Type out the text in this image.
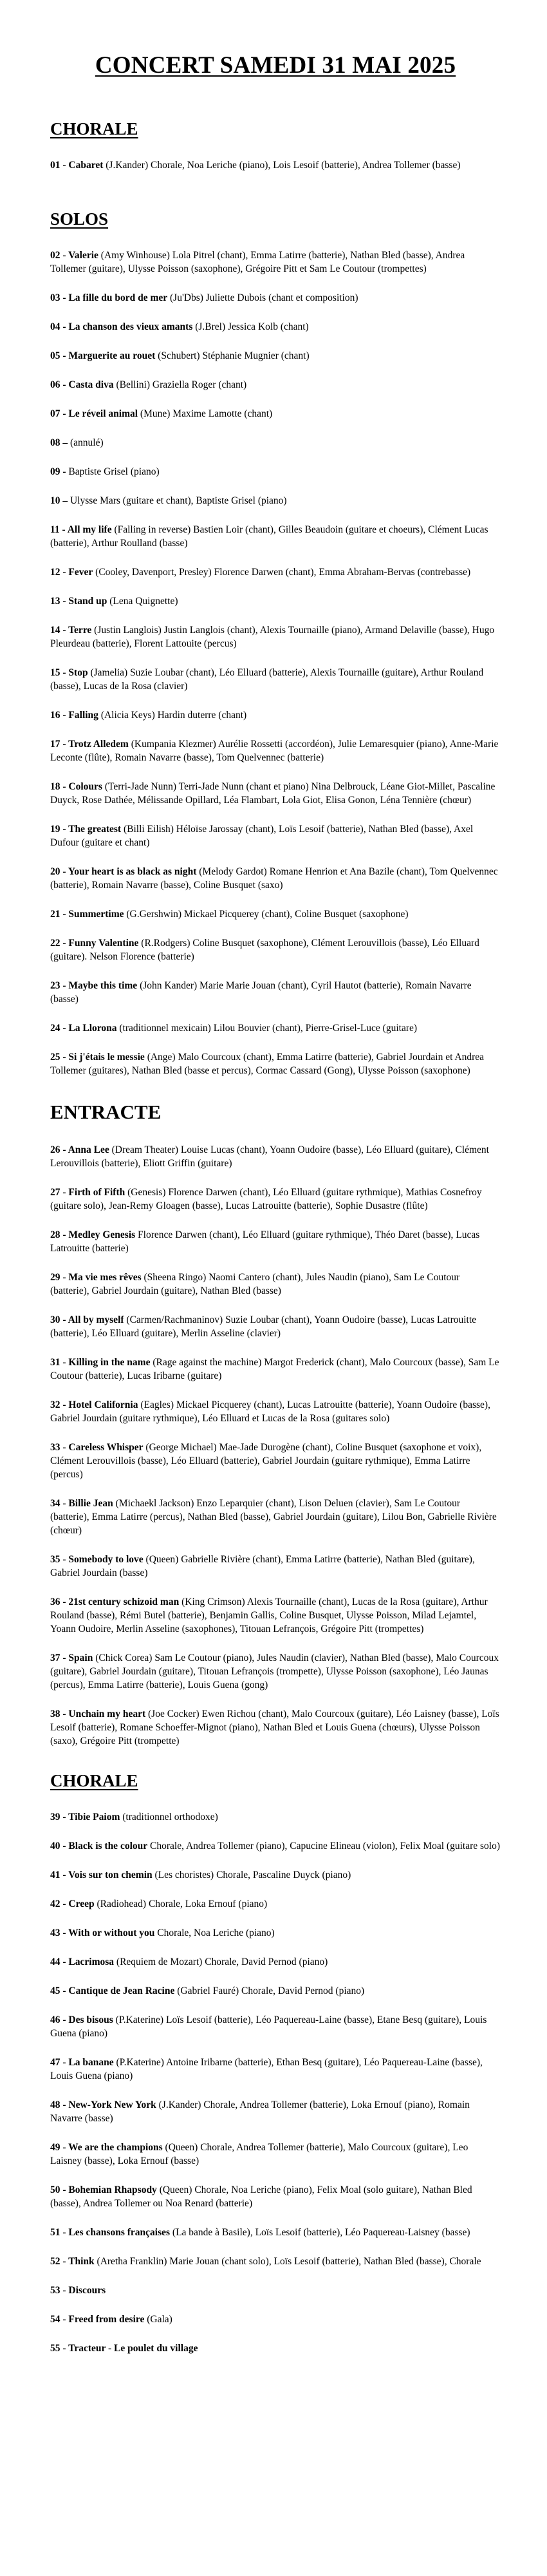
CONCERT SAMEDI 31 MAI 2025
CHORALE

01 - Cabaret (J.Kander) Chorale, Noa Leriche (piano), Lois Lesoif (batterie), Andrea Tollemer (basse)

SOLOS

02 - Valerie (Amy Winhouse) Lola Pitrel (chant), Emma Latirre (batterie), Nathan Bled (basse), Andrea Tollemer (guitare), Ulysse Poisson (saxophone), Grégoire Pitt et Sam Le Coutour (trompettes)

03 - La fille du bord de mer (Ju'Dbs) Juliette Dubois (chant et composition)

04 - La chanson des vieux amants (J.Brel) Jessica Kolb (chant)

05 - Marguerite au rouet (Schubert) Stéphanie Mugnier (chant)

06 - Casta diva (Bellini) Graziella Roger (chant)

07 - Le réveil animal (Mune) Maxime Lamotte (chant)

08 – (annulé)

09 - Baptiste Grisel (piano)

10 – Ulysse Mars (guitare et chant), Baptiste Grisel (piano)

11 - All my life (Falling in reverse) Bastien Loir (chant), Gilles Beaudoin (guitare et choeurs), Clément Lucas (batterie), Arthur Roulland (basse)

12 - Fever (Cooley, Davenport, Presley) Florence Darwen (chant), Emma Abraham-Bervas (contrebasse)

13 - Stand up (Lena Quignette)

14 - Terre (Justin Langlois) Justin Langlois (chant), Alexis Tournaille (piano), Armand Delaville (basse), Hugo Pleurdeau (batterie), Florent Lattouite (percus)

15 - Stop (Jamelia) Suzie Loubar (chant), Léo Elluard (batterie), Alexis Tournaille (guitare), Arthur Rouland (basse), Lucas de la Rosa (clavier)

16 - Falling (Alicia Keys) Hardin duterre (chant)

17 - Trotz Alledem (Kumpania Klezmer) Aurélie Rossetti (accordéon), Julie Lemaresquier (piano), Anne-Marie Leconte (flûte), Romain Navarre (basse), Tom Quelvennec (batterie)

18 - Colours (Terri-Jade Nunn) Terri-Jade Nunn (chant et piano) Nina Delbrouck, Léane Giot-Millet, Pascaline Duyck, Rose Dathée, Mélissande Opillard, Léa Flambart, Lola Giot, Elisa Gonon, Léna Tennière (chœur)

19 - The greatest (Billi Eilish) Héloïse Jarossay (chant), Loïs Lesoif (batterie), Nathan Bled (basse), Axel Dufour (guitare et chant)

20 - Your heart is as black as night (Melody Gardot) Romane Henrion et Ana Bazile (chant), Tom Quelvennec (batterie), Romain Navarre (basse), Coline Busquet (saxo)

21 - Summertime (G.Gershwin) Mickael Picquerey (chant), Coline Busquet (saxophone)

22 - Funny Valentine (R.Rodgers) Coline Busquet (saxophone), Clément Lerouvillois (basse), Léo Elluard (guitare). Nelson Florence (batterie)

23 - Maybe this time (John Kander) Marie Marie Jouan (chant), Cyril Hautot (batterie), Romain Navarre (basse)

24 - La Llorona (traditionnel mexicain) Lilou Bouvier (chant), Pierre-Grisel-Luce (guitare)

25 - Si j'étais le messie (Ange) Malo Courcoux (chant), Emma Latirre (batterie), Gabriel Jourdain et Andrea Tollemer (guitares), Nathan Bled (basse et percus), Cormac Cassard (Gong), Ulysse Poisson (saxophone)

ENTRACTE

26 - Anna Lee (Dream Theater) Louise Lucas (chant), Yoann Oudoire (basse), Léo Elluard (guitare), Clément Lerouvillois (batterie), Eliott Griffin (guitare)

27 - Firth of Fifth (Genesis) Florence Darwen (chant), Léo Elluard (guitare rythmique), Mathias Cosnefroy (guitare solo), Jean-Remy Gloagen (basse), Lucas Latrouitte (batterie), Sophie Dusastre (flûte)

28 - Medley Genesis Florence Darwen (chant), Léo Elluard (guitare rythmique), Théo Daret (basse), Lucas Latrouitte (batterie)

29 - Ma vie mes rêves (Sheena Ringo) Naomi Cantero (chant), Jules Naudin (piano), Sam Le Coutour (batterie), Gabriel Jourdain (guitare), Nathan Bled (basse)

30 - All by myself (Carmen/Rachmaninov) Suzie Loubar (chant), Yoann Oudoire (basse), Lucas Latrouitte (batterie), Léo Elluard (guitare), Merlin Asseline (clavier)

31 - Killing in the name (Rage against the machine) Margot Frederick (chant), Malo Courcoux (basse), Sam Le Coutour (batterie), Lucas Iribarne (guitare)

32 - Hotel California (Eagles) Mickael Picquerey (chant), Lucas Latrouitte (batterie), Yoann Oudoire (basse), Gabriel Jourdain (guitare rythmique), Léo Elluard et Lucas de la Rosa (guitares solo)

33 - Careless Whisper (George Michael) Mae-Jade Durogène (chant), Coline Busquet (saxophone et voix), Clément Lerouvillois (basse), Léo Elluard (batterie), Gabriel Jourdain (guitare rythmique), Emma Latirre (percus)

34 - Billie Jean (Michaekl Jackson) Enzo Leparquier (chant), Lison Deluen (clavier), Sam Le Coutour (batterie), Emma Latirre (percus), Nathan Bled (basse), Gabriel Jourdain (guitare), Lilou Bon, Gabrielle Rivière (chœur)

35 - Somebody to love (Queen) Gabrielle Rivière (chant), Emma Latirre (batterie), Nathan Bled (guitare), Gabriel Jourdain (basse)

36 - 21st century schizoid man (King Crimson) Alexis Tournaille (chant), Lucas de la Rosa (guitare), Arthur Rouland (basse), Rémi Butel (batterie), Benjamin Gallis, Coline Busquet, Ulysse Poisson, Milad Lejamtel, Yoann Oudoire, Merlin Asseline (saxophones), Titouan Lefrançois, Grégoire Pitt (trompettes)

37 - Spain (Chick Corea) Sam Le Coutour (piano), Jules Naudin (clavier), Nathan Bled (basse), Malo Courcoux (guitare), Gabriel Jourdain (guitare), Titouan Lefrançois (trompette), Ulysse Poisson (saxophone), Léo Jaunas (percus), Emma Latirre (batterie), Louis Guena (gong)

38 - Unchain my heart (Joe Cocker) Ewen Richou (chant), Malo Courcoux (guitare), Léo Laisney (basse), Loïs Lesoif (batterie), Romane Schoeffer-Mignot (piano), Nathan Bled et Louis Guena (chœurs), Ulysse Poisson (saxo), Grégoire Pitt (trompette)

CHORALE

39 - Tibie Paiom (traditionnel orthodoxe)

40 - Black is the colour Chorale, Andrea Tollemer (piano), Capucine Elineau (violon), Felix Moal (guitare solo)

41 - Vois sur ton chemin (Les choristes) Chorale, Pascaline Duyck (piano)

42 - Creep (Radiohead) Chorale, Loka Ernouf (piano)

43 - With or without you Chorale, Noa Leriche (piano)

44 - Lacrimosa (Requiem de Mozart) Chorale, David Pernod (piano)

45 - Cantique de Jean Racine (Gabriel Fauré) Chorale, David Pernod (piano)

46 - Des bisous (P.Katerine) Loïs Lesoif (batterie), Léo Paquereau-Laine (basse), Etane Besq (guitare), Louis Guena (piano)

47 - La banane (P.Katerine) Antoine Iribarne (batterie), Ethan Besq (guitare), Léo Paquereau-Laine (basse), Louis Guena (piano)

48 - New-York New York (J.Kander) Chorale, Andrea Tollemer (batterie), Loka Ernouf (piano), Romain Navarre (basse)

49 - We are the champions (Queen) Chorale, Andrea Tollemer (batterie), Malo Courcoux (guitare), Leo Laisney (basse), Loka Ernouf (basse)

50 - Bohemian Rhapsody (Queen) Chorale, Noa Leriche (piano), Felix Moal (solo guitare), Nathan Bled (basse), Andrea Tollemer ou Noa Renard (batterie)

51 - Les chansons françaises (La bande à Basile), Loïs Lesoif (batterie), Léo Paquereau-Laisney (basse)

52 - Think (Aretha Franklin) Marie Jouan (chant solo), Loïs Lesoif (batterie), Nathan Bled (basse), Chorale

53 - Discours

54 - Freed from desire (Gala)

55 - Tracteur - Le poulet du village
